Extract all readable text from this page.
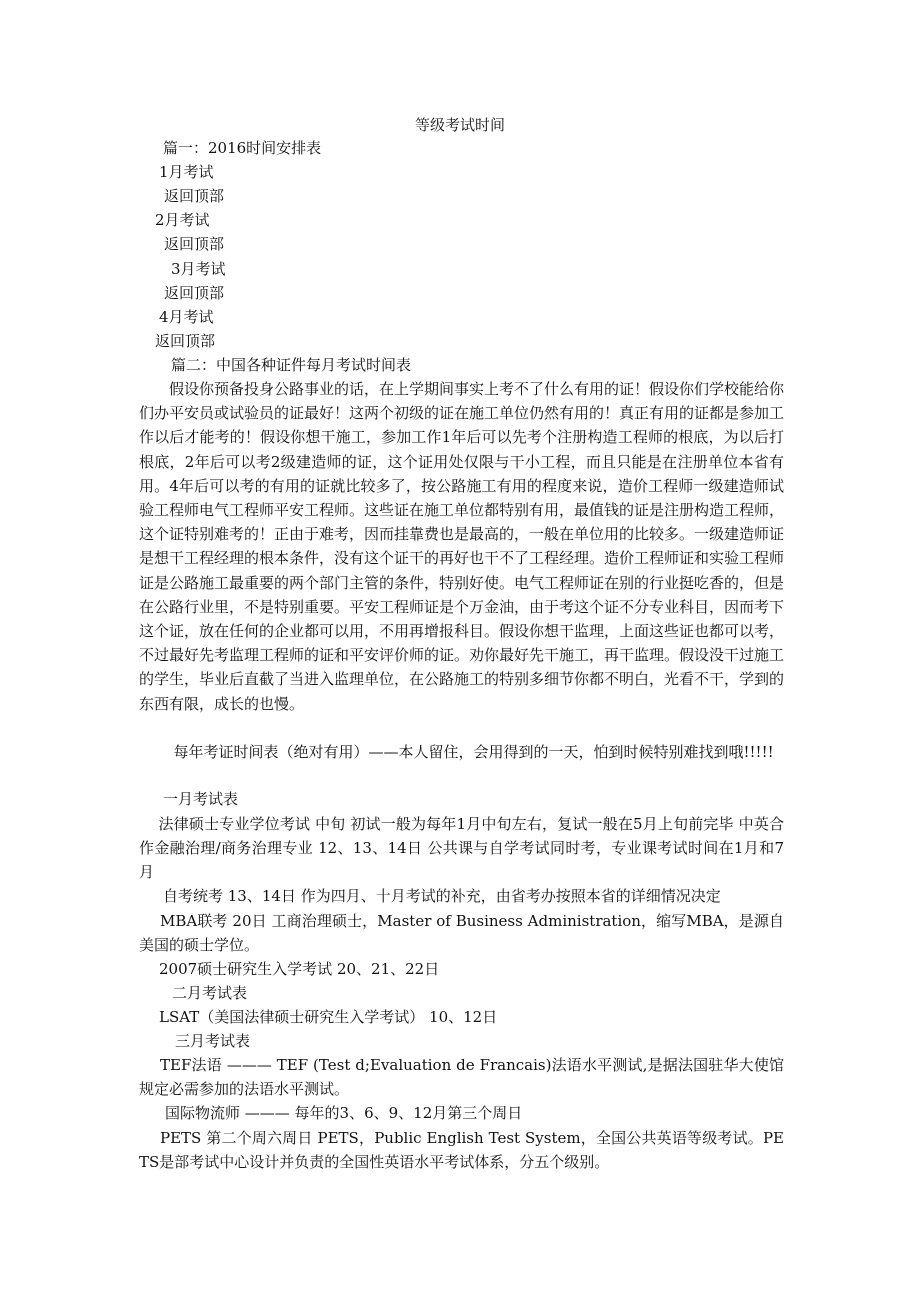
等级考试时间
篇一：2016时间安排表
1月考试
返回顶部
2月考试
返回顶部
3月考试
返回顶部
4月考试
返回顶部
篇二：中国各种证件每月考试时间表
假设你预备投身公路事业的话，在上学期间事实上考不了什么有用的证！假设你们学校能给你们办平安员或试验员的证最好！这两个初级的证在施工单位仍然有用的！真正有用的证都是参加工作以后才能考的！假设你想干施工，参加工作1年后可以先考个注册构造工程师的根底，为以后打根底，2年后可以考2级建造师的证，这个证用处仅限与干小工程，而且只能是在注册单位本省有用。4年后可以考的有用的证就比较多了，按公路施工有用的程度来说，造价工程师一级建造师试验工程师电气工程师平安工程师。这些证在施工单位都特别有用，最值钱的证是注册构造工程师，这个证特别难考的！正由于难考，因而挂靠费也是最高的，一般在单位用的比较多。一级建造师证是想干工程经理的根本条件，没有这个证干的再好也干不了工程经理。造价工程师证和实验工程师证是公路施工最重要的两个部门主管的条件，特别好使。电气工程师证在别的行业挺吃香的，但是在公路行业里，不是特别重要。平安工程师证是个万金油，由于考这个证不分专业科目，因而考下这个证，放在任何的企业都可以用，不用再增报科目。假设你想干监理，上面这些证也都可以考，不过最好先考监理工程师的证和平安评价师的证。劝你最好先干施工，再干监理。假设没干过施工的学生，毕业后直截了当进入监理单位，在公路施工的特别多细节你都不明白，光看不干，学到的东西有限，成长的也慢。
每年考证时间表（绝对有用）——本人留住，会用得到的一天，怕到时候特别难找到哦!!!!!
一月考试表
法律硕士专业学位考试 中旬 初试一般为每年1月中旬左右，复试一般在5月上旬前完毕 中英合作金融治理/商务治理专业 12、13、14日 公共课与自学考试同时考，专业课考试时间在1月和7月
自考统考 13、14日 作为四月、十月考试的补充，由省考办按照本省的详细情况决定
MBA联考 20日 工商治理硕士，Master of Business Administration，缩写MBA，是源自美国的硕士学位。
2007硕士研究生入学考试 20、21、22日
二月考试表
LSAT（美国法律硕士研究生入学考试） 10、12日
三月考试表
TEF法语 ——— TEF (Test d;Evaluation de Francais)法语水平测试,是据法国驻华大使馆规定必需参加的法语水平测试。
国际物流师 ——— 每年的3、6、9、12月第三个周日
PETS 第二个周六周日 PETS，Public English Test System，全国公共英语等级考试。PETS是部考试中心设计并负责的全国性英语水平考试体系，分五个级别。
